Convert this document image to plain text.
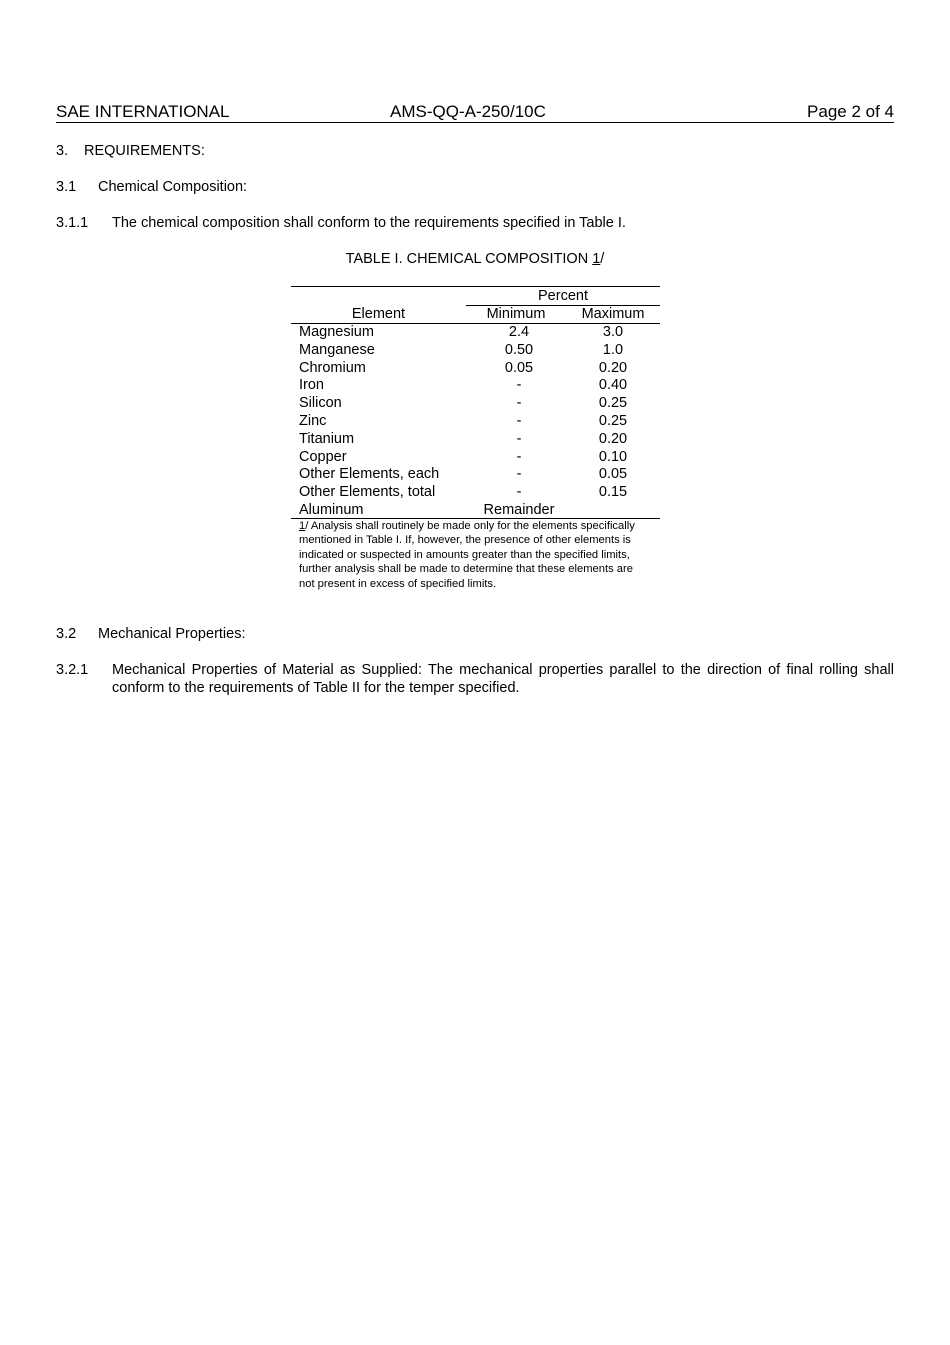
SAE INTERNATIONAL	AMS-QQ-A-250/10C	Page 2 of 4
3. REQUIREMENTS:
3.1 Chemical Composition:
3.1.1 The chemical composition shall conform to the requirements specified in Table I.
TABLE I. CHEMICAL COMPOSITION 1/
Percent
Element	Minimum	Maximum
Magnesium	2.4	3.0
Manganese	0.50	1.0
Chromium	0.05	0.20
Iron	-	0.40
Silicon	-	0.25
Zinc	-	0.25
Titanium	-	0.20
Copper	-	0.10
Other Elements, each	-	0.05
Other Elements, total	-	0.15
Aluminum	Remainder
1/ Analysis shall routinely be made only for the elements specifically mentioned in Table I. If, however, the presence of other elements is indicated or suspected in amounts greater than the specified limits, further analysis shall be made to determine that these elements are not present in excess of specified limits.
3.2 Mechanical Properties:
3.2.1 Mechanical Properties of Material as Supplied: The mechanical properties parallel to the direction of final rolling shall conform to the requirements of Table II for the temper specified.
